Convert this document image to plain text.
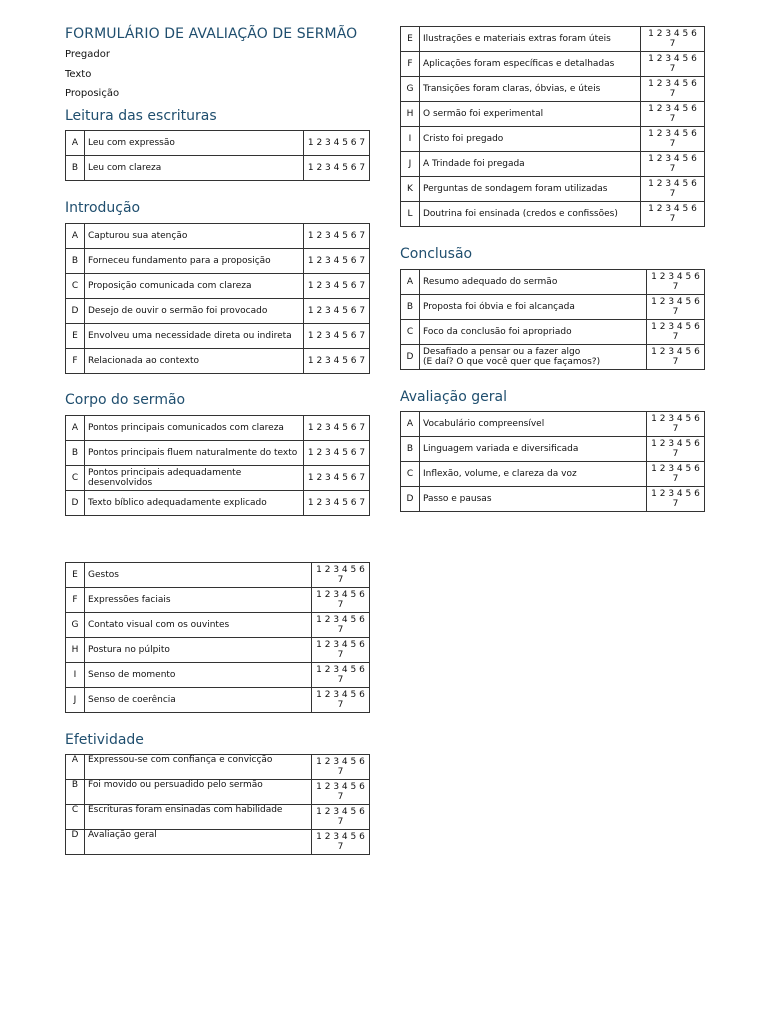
FORMULÁRIO DE AVALIAÇÃO DE SERMÃO
Pregador
Texto
Proposição
Leitura das escrituras
A	Leu com expressão	1 2 3 4 5 6 7
B	Leu com clareza	1 2 3 4 5 6 7
Introdução
A	Capturou sua atenção	1 2 3 4 5 6 7
B	Forneceu fundamento para a proposição	1 2 3 4 5 6 7
C	Proposição comunicada com clareza	1 2 3 4 5 6 7
D	Desejo de ouvir o sermão foi provocado	1 2 3 4 5 6 7
E	Envolveu uma necessidade direta ou indireta	1 2 3 4 5 6 7
F	Relacionada ao contexto	1 2 3 4 5 6 7
Corpo do sermão
A	Pontos principais comunicados com clareza	1 2 3 4 5 6 7
B	Pontos principais fluem naturalmente do texto	1 2 3 4 5 6 7
C	Pontos principais adequadamente desenvolvidos	1 2 3 4 5 6 7
D	Texto bíblico adequadamente explicado	1 2 3 4 5 6 7
E	Ilustrações e materiais extras foram úteis	1 2 3 4 5 6 7
F	Aplicações foram específicas e detalhadas	1 2 3 4 5 6 7
G	Transições foram claras, óbvias, e úteis	1 2 3 4 5 6 7
H	O sermão foi experimental	1 2 3 4 5 6 7
I	Cristo foi pregado	1 2 3 4 5 6 7
J	A Trindade foi pregada	1 2 3 4 5 6 7
K	Perguntas de sondagem foram utilizadas	1 2 3 4 5 6 7
L	Doutrina foi ensinada (credos e confissões)	1 2 3 4 5 6 7
Conclusão
A	Resumo adequado do sermão	1 2 3 4 5 6 7
B	Proposta foi óbvia e foi alcançada	1 2 3 4 5 6 7
C	Foco da conclusão foi apropriado	1 2 3 4 5 6 7
D	Desafiado a pensar ou a fazer algo
(E daí? O que você quer que façamos?)	1 2 3 4 5 6 7
Avaliação geral
A	Vocabulário compreensível	1 2 3 4 5 6 7
B	Linguagem variada e diversificada	1 2 3 4 5 6 7
C	Inflexão, volume, e clareza da voz	1 2 3 4 5 6 7
D	Passo e pausas	1 2 3 4 5 6 7
E	Gestos	1 2 3 4 5 6 7
F	Expressões faciais	1 2 3 4 5 6 7
G	Contato visual com os ouvintes	1 2 3 4 5 6 7
H	Postura no púlpito	1 2 3 4 5 6 7
I	Senso de momento	1 2 3 4 5 6 7
J	Senso de coerência	1 2 3 4 5 6 7
Efetividade
A	Expressou-se com confiança e convicção	1 2 3 4 5 6 7
B	Foi movido ou persuadido pelo sermão	1 2 3 4 5 6 7
C	Escrituras foram ensinadas com habilidade	1 2 3 4 5 6 7
D	Avaliação geral	1 2 3 4 5 6 7
